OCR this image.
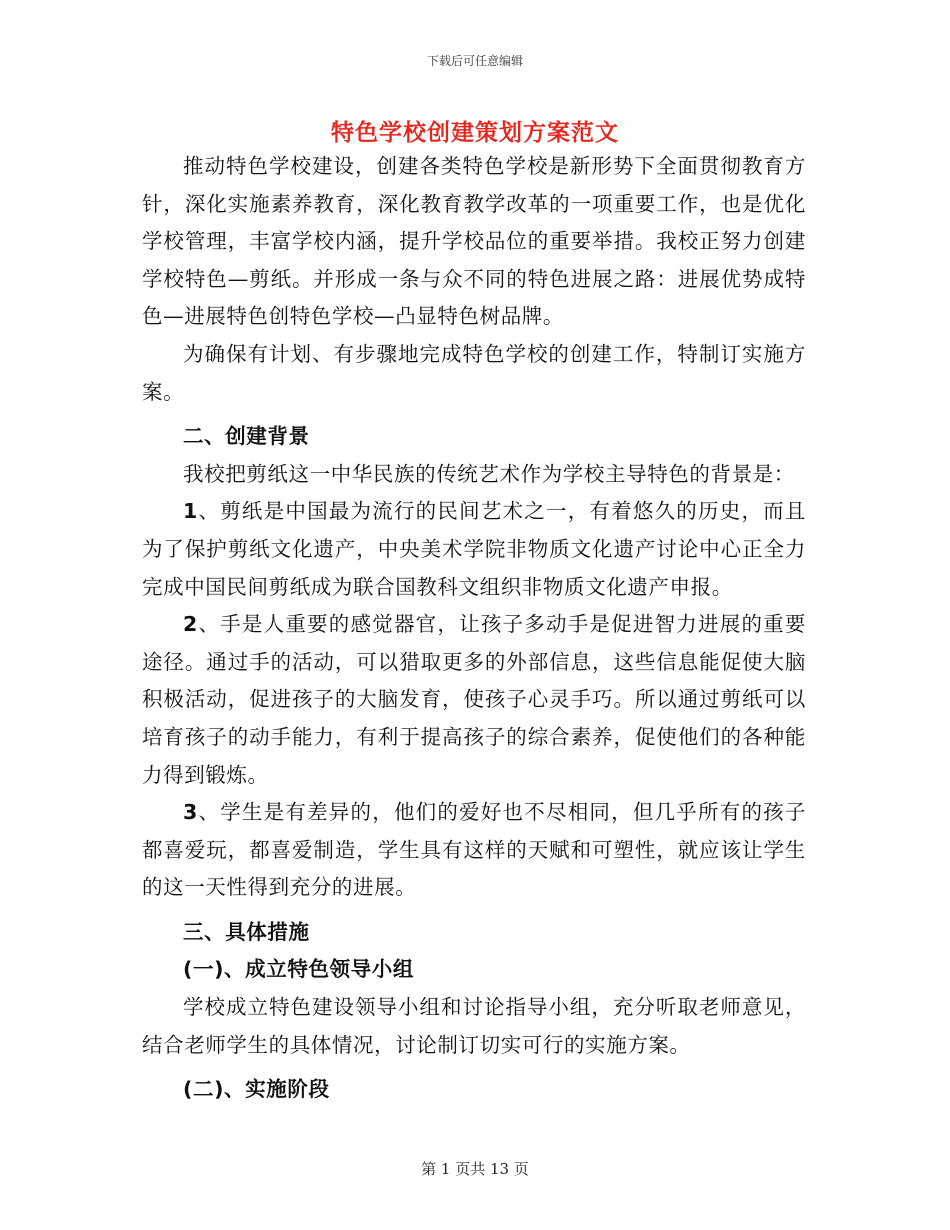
下载后可任意编辑
特色学校创建策划方案范文

推动特色学校建设，创建各类特色学校是新形势下全面贯彻教育方针，深化实施素养教育，深化教育教学改革的一项重要工作，也是优化学校管理，丰富学校内涵，提升学校品位的重要举措。我校正努力创建学校特色—剪纸。并形成一条与众不同的特色进展之路：进展优势成特色—进展特色创特色学校—凸显特色树品牌。

为确保有计划、有步骤地完成特色学校的创建工作，特制订实施方案。

二、创建背景

我校把剪纸这一中华民族的传统艺术作为学校主导特色的背景是：

1、剪纸是中国最为流行的民间艺术之一，有着悠久的历史，而且为了保护剪纸文化遗产，中央美术学院非物质文化遗产讨论中心正全力完成中国民间剪纸成为联合国教科文组织非物质文化遗产申报。

2、手是人重要的感觉器官，让孩子多动手是促进智力进展的重要途径。通过手的活动，可以猎取更多的外部信息，这些信息能促使大脑积极活动，促进孩子的大脑发育，使孩子心灵手巧。所以通过剪纸可以培育孩子的动手能力，有利于提高孩子的综合素养，促使他们的各种能力得到锻炼。

3、学生是有差异的，他们的爱好也不尽相同，但几乎所有的孩子都喜爱玩，都喜爱制造，学生具有这样的天赋和可塑性，就应该让学生的这一天性得到充分的进展。

三、具体措施

(一)、成立特色领导小组

学校成立特色建设领导小组和讨论指导小组，充分听取老师意见，结合老师学生的具体情况，讨论制订切实可行的实施方案。

(二)、实施阶段

第 1 页共 13 页
